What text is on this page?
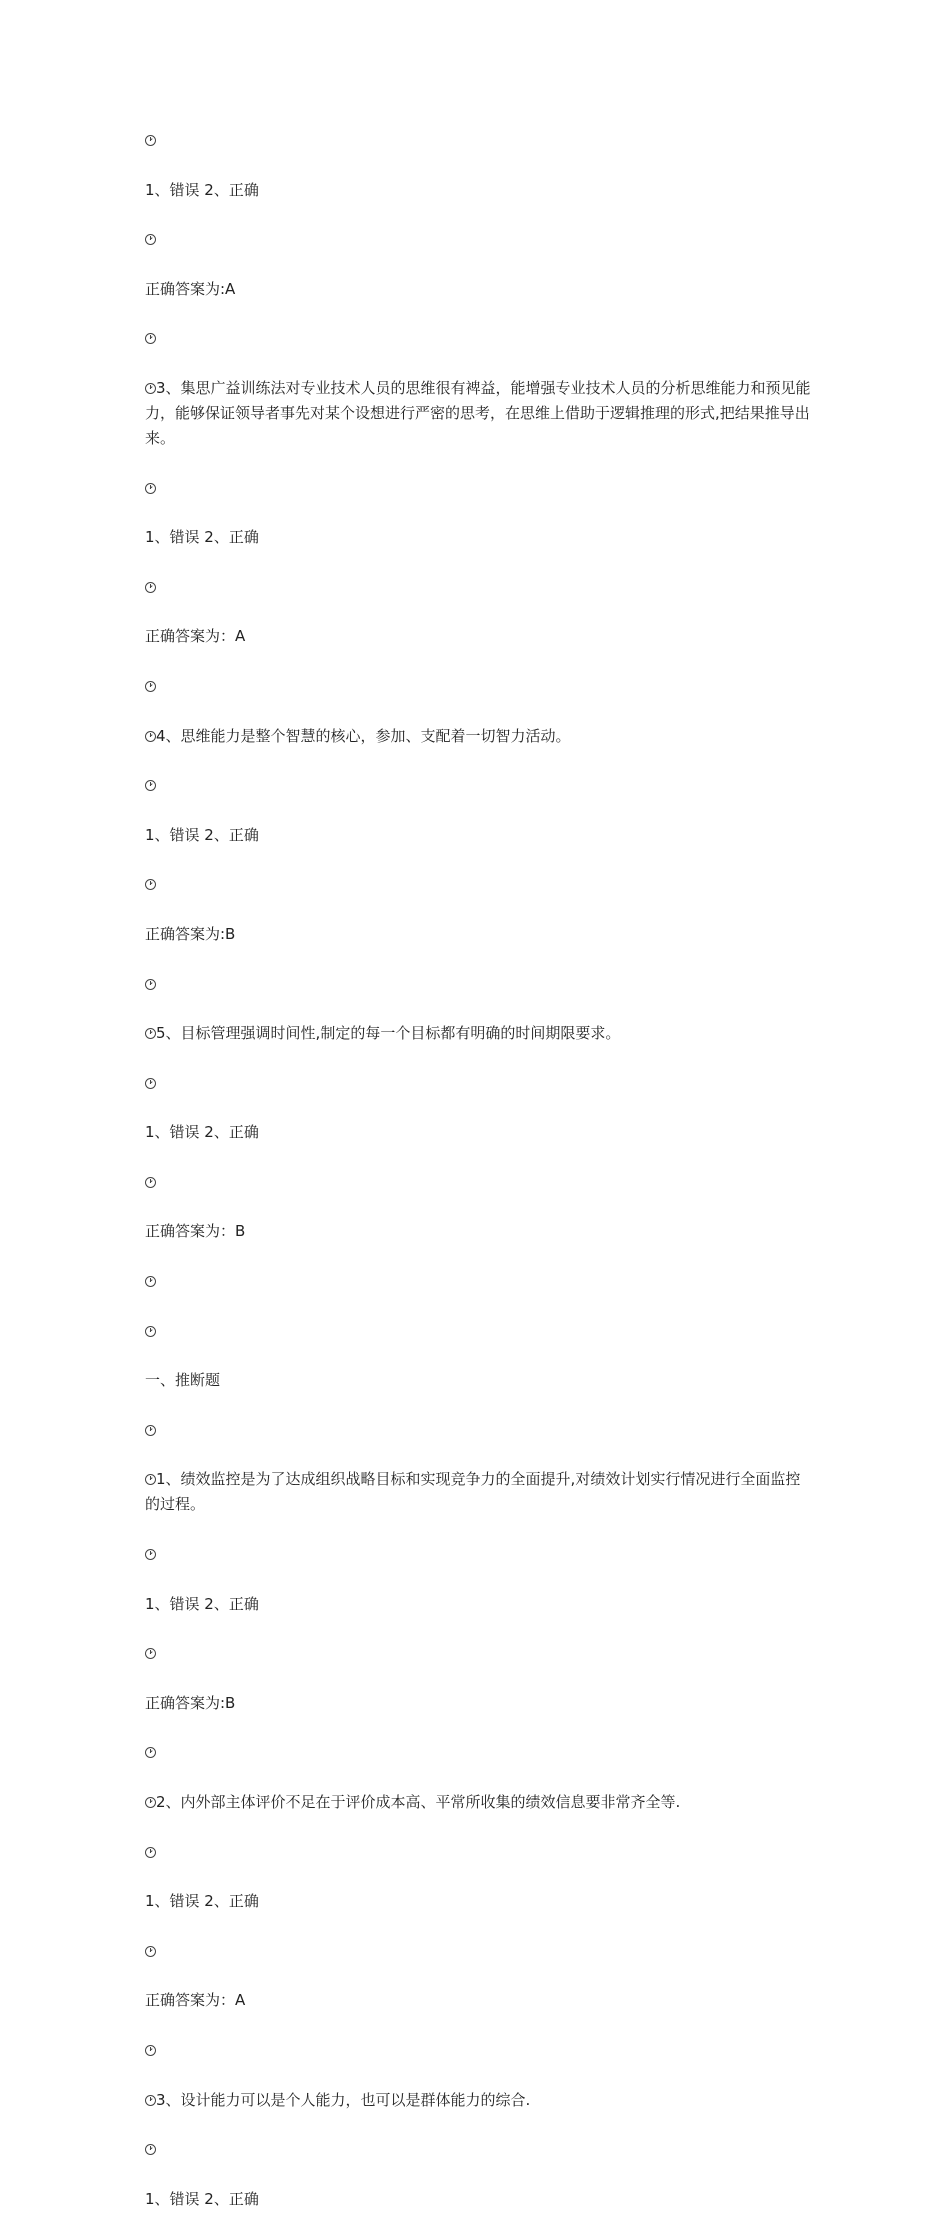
1、错误 2、正确
正确答案为:A
3、集思广益训练法对专业技术人员的思维很有裨益，能增强专业技术人员的分析思维能力和预见能力，能够保证领导者事先对某个设想进行严密的思考，在思维上借助于逻辑推理的形式,把结果推导出来。
1、错误 2、正确
正确答案为：A
4、思维能力是整个智慧的核心，参加、支配着一切智力活动。
1、错误 2、正确
正确答案为:B
5、目标管理强调时间性,制定的每一个目标都有明确的时间期限要求。
1、错误 2、正确
正确答案为：B
一、推断题
1、绩效监控是为了达成组织战略目标和实现竞争力的全面提升,对绩效计划实行情况进行全面监控的过程。
1、错误 2、正确
正确答案为:B
2、内外部主体评价不足在于评价成本高、平常所收集的绩效信息要非常齐全等.
1、错误 2、正确
正确答案为：A
3、设计能力可以是个人能力，也可以是群体能力的综合.
1、错误 2、正确
